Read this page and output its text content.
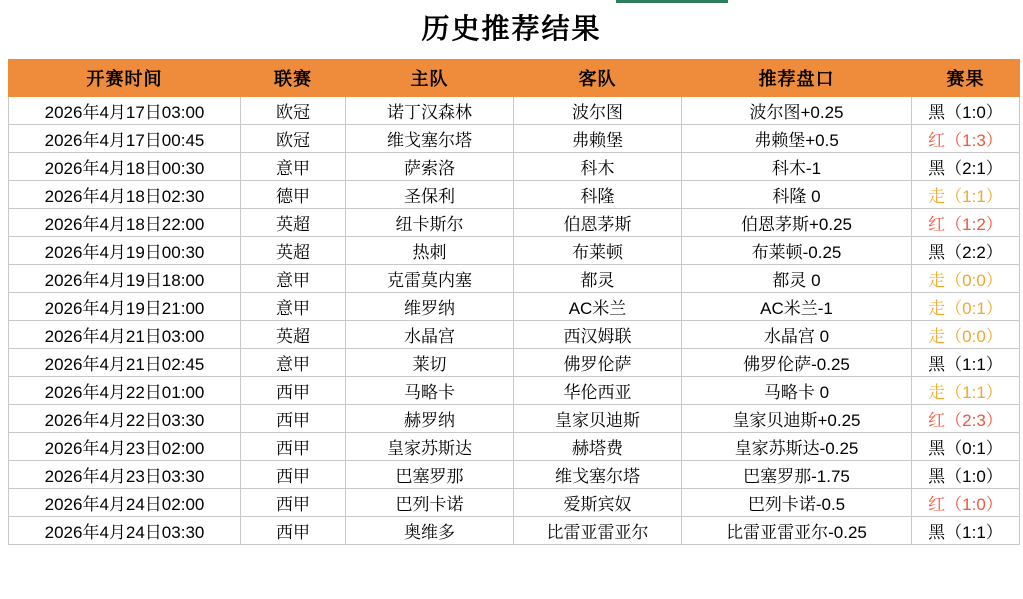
历史推荐结果
开赛时间	联赛	主队	客队	推荐盘口	赛果
2026年4月17日03:00	欧冠	诺丁汉森林	波尔图	波尔图+0.25	黑（1:0）
2026年4月17日00:45	欧冠	维戈塞尔塔	弗赖堡	弗赖堡+0.5	红（1:3）
2026年4月18日00:30	意甲	萨索洛	科木	科木-1	黑（2:1）
2026年4月18日02:30	德甲	圣保利	科隆	科隆 0	走（1:1）
2026年4月18日22:00	英超	纽卡斯尔	伯恩茅斯	伯恩茅斯+0.25	红（1:2）
2026年4月19日00:30	英超	热刺	布莱顿	布莱顿-0.25	黑（2:2）
2026年4月19日18:00	意甲	克雷莫内塞	都灵	都灵 0	走（0:0）
2026年4月19日21:00	意甲	维罗纳	AC米兰	AC米兰-1	走（0:1）
2026年4月21日03:00	英超	水晶宫	西汉姆联	水晶宫 0	走（0:0）
2026年4月21日02:45	意甲	莱切	佛罗伦萨	佛罗伦萨-0.25	黑（1:1）
2026年4月22日01:00	西甲	马略卡	华伦西亚	马略卡 0	走（1:1）
2026年4月22日03:30	西甲	赫罗纳	皇家贝迪斯	皇家贝迪斯+0.25	红（2:3）
2026年4月23日02:00	西甲	皇家苏斯达	赫塔费	皇家苏斯达-0.25	黑（0:1）
2026年4月23日03:30	西甲	巴塞罗那	维戈塞尔塔	巴塞罗那-1.75	黑（1:0）
2026年4月24日02:00	西甲	巴列卡诺	爱斯宾奴	巴列卡诺-0.5	红（1:0）
2026年4月24日03:30	西甲	奥维多	比雷亚雷亚尔	比雷亚雷亚尔-0.25	黑（1:1）
